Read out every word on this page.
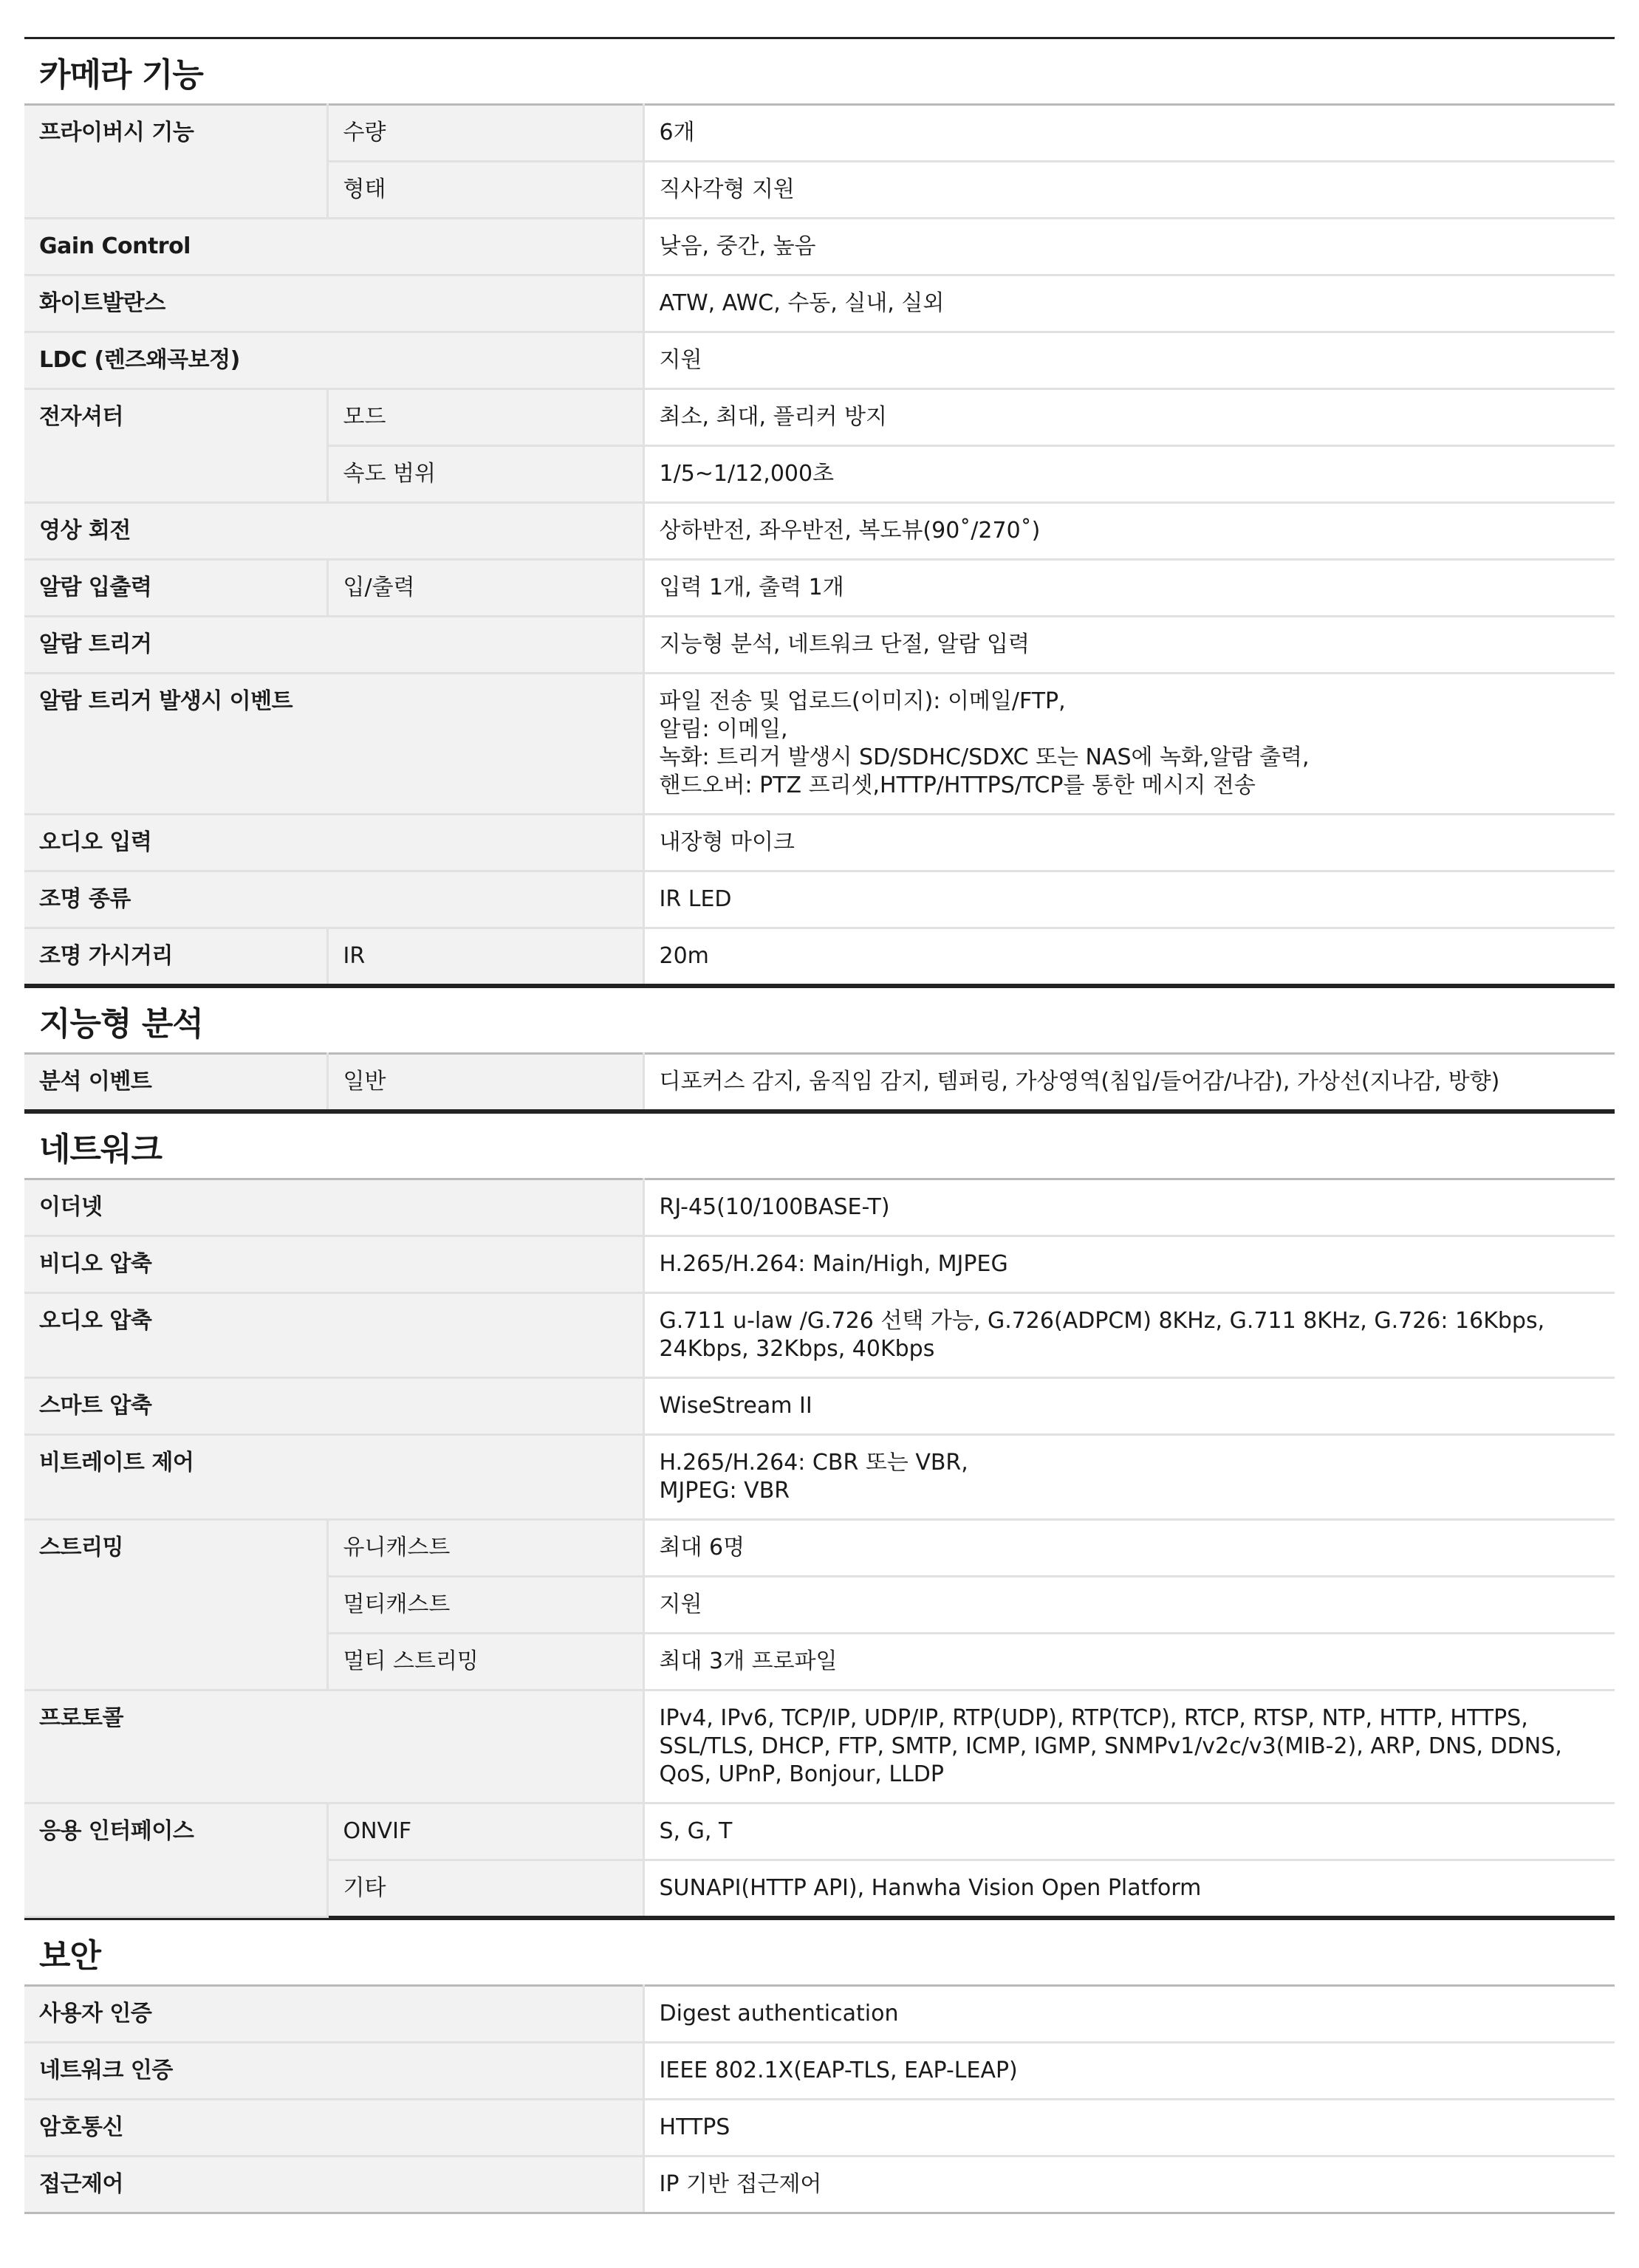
카메라 기능
프라이버시 기능	수량	6개
	형태	직사각형 지원
Gain Control		낮음, 중간, 높음
화이트발란스		ATW, AWC, 수동, 실내, 실외
LDC (렌즈왜곡보정)		지원
전자셔터	모드	최소, 최대, 플리커 방지
	속도 범위	1/5~1/12,000초
영상 회전		상하반전, 좌우반전, 복도뷰(90˚/270˚)
알람 입출력	입/출력	입력 1개, 출력 1개
알람 트리거		지능형 분석, 네트워크 단절, 알람 입력
알람 트리거 발생시 이벤트		파일 전송 및 업로드(이미지): 이메일/FTP,
알림: 이메일,
녹화: 트리거 발생시 SD/SDHC/SDXC 또는 NAS에 녹화,알람 출력,
핸드오버: PTZ 프리셋,HTTP/HTTPS/TCP를 통한 메시지 전송
오디오 입력		내장형 마이크
조명 종류		IR LED
조명 가시거리	IR	20m
지능형 분석
분석 이벤트	일반	디포커스 감지, 움직임 감지, 템퍼링, 가상영역(침입/들어감/나감), 가상선(지나감, 방향)
네트워크
이더넷		RJ-45(10/100BASE-T)
비디오 압축		H.265/H.264: Main/High, MJPEG
오디오 압축		G.711 u-law /G.726 선택 가능, G.726(ADPCM) 8KHz, G.711 8KHz, G.726: 16Kbps,
24Kbps, 32Kbps, 40Kbps
스마트 압축		WiseStream II
비트레이트 제어		H.265/H.264: CBR 또는 VBR,
MJPEG: VBR
스트리밍	유니캐스트	최대 6명
	멀티캐스트	지원
	멀티 스트리밍	최대 3개 프로파일
프로토콜		IPv4, IPv6, TCP/IP, UDP/IP, RTP(UDP), RTP(TCP), RTCP, RTSP, NTP, HTTP, HTTPS,
SSL/TLS, DHCP, FTP, SMTP, ICMP, IGMP, SNMPv1/v2c/v3(MIB-2), ARP, DNS, DDNS,
QoS, UPnP, Bonjour, LLDP
응용 인터페이스	ONVIF	S, G, T
	기타	SUNAPI(HTTP API), Hanwha Vision Open Platform
보안
사용자 인증	Digest authentication
네트워크 인증	IEEE 802.1X(EAP-TLS, EAP-LEAP)
암호통신	HTTPS
접근제어	IP 기반 접근제어
